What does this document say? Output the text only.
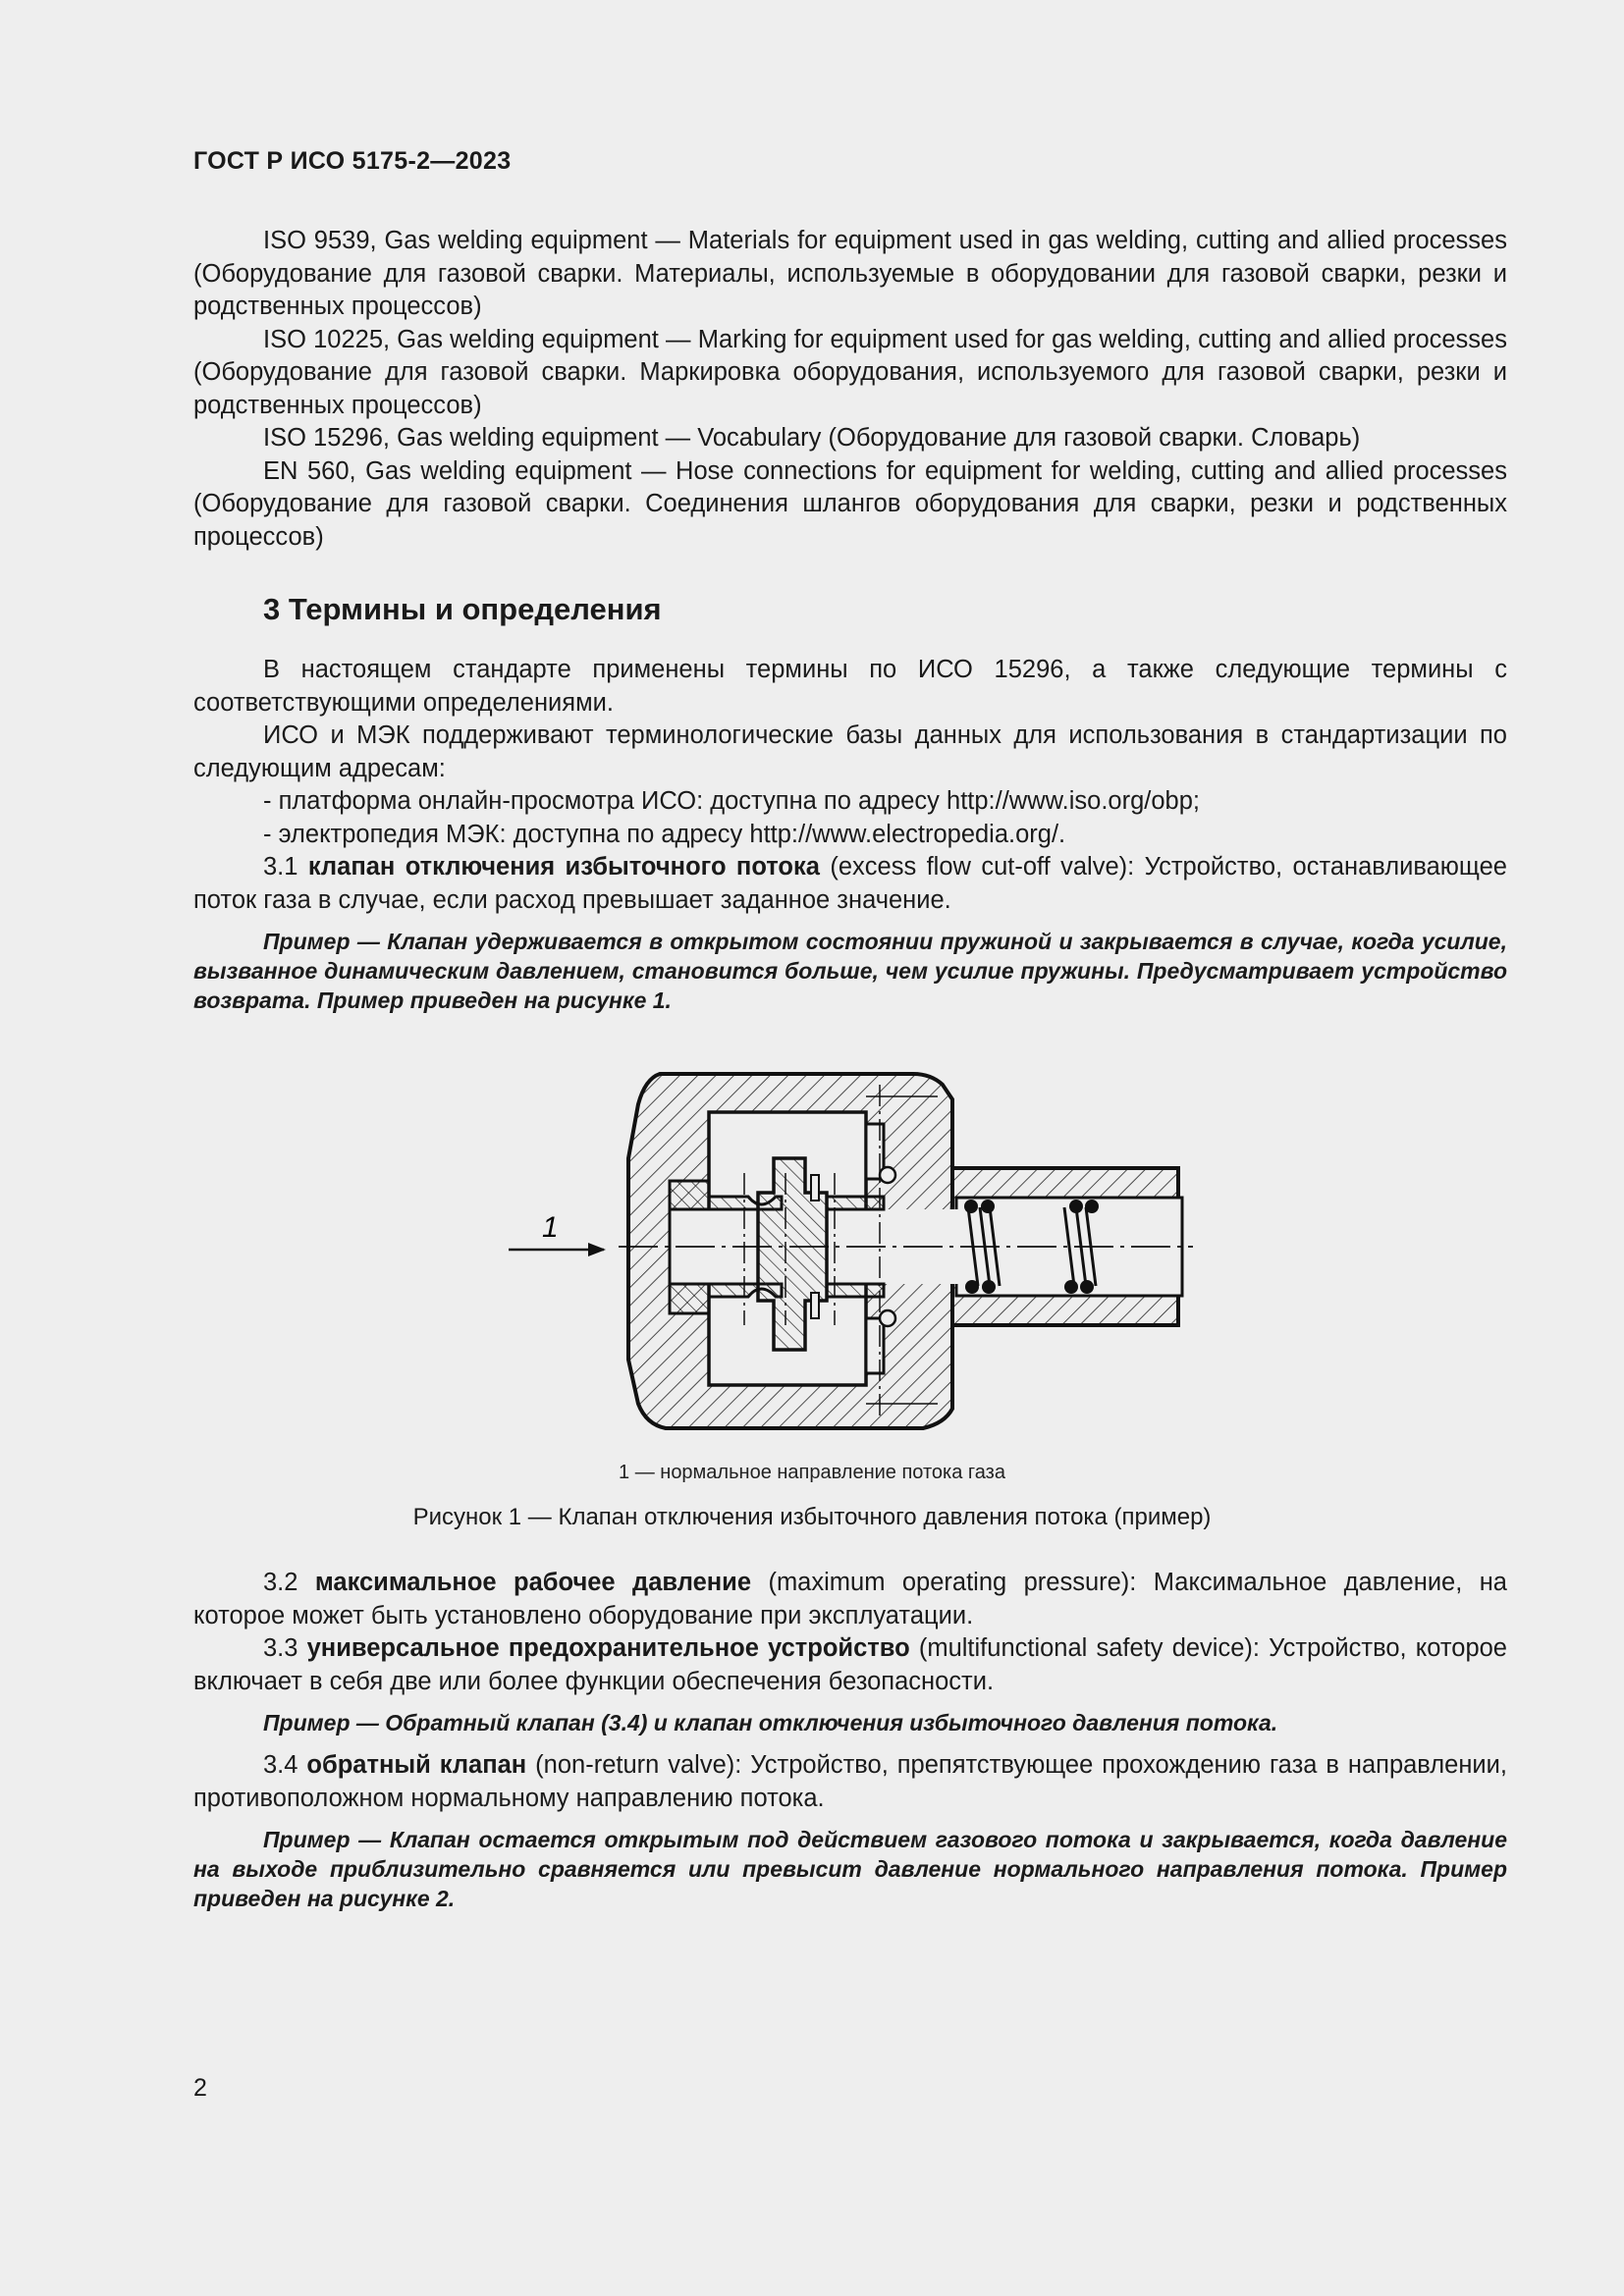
ГОСТ Р ИСО 5175-2—2023

ISO 9539, Gas welding equipment — Materials for equipment used in gas welding, cutting and allied processes (Оборудование для газовой сварки. Материалы, используемые в оборудовании для газовой сварки, резки и родственных процессов)

ISO 10225, Gas welding equipment — Marking for equipment used for gas welding, cutting and allied processes (Оборудование для газовой сварки. Маркировка оборудования, используемого для газовой сварки, резки и родственных процессов)

ISO 15296, Gas welding equipment — Vocabulary (Оборудование для газовой сварки. Словарь)

EN 560, Gas welding equipment — Hose connections for equipment for welding, cutting and allied processes (Оборудование для газовой сварки. Соединения шлангов оборудования для сварки, резки и родственных процессов)

3 Термины и определения

В настоящем стандарте применены термины по ИСО 15296, а также следующие термины с соответствующими определениями.

ИСО и МЭК поддерживают терминологические базы данных для использования в стандартизации по следующим адресам:

- платформа онлайн-просмотра ИСО: доступна по адресу http://www.iso.org/obp;

- электропедия МЭК: доступна по адресу http://www.electropedia.org/.

3.1 клапан отключения избыточного потока (excess flow cut-off valve): Устройство, останавливающее поток газа в случае, если расход превышает заданное значение.

Пример — Клапан удерживается в открытом состоянии пружиной и закрывается в случае, когда усилие, вызванное динамическим давлением, становится больше, чем усилие пружины. Предусматривает устройство возврата. Пример приведен на рисунке 1.

1
1 — нормальное направление потока газа
Рисунок 1 — Клапан отключения избыточного давления потока (пример)

3.2 максимальное рабочее давление (maximum operating pressure): Максимальное давление, на которое может быть установлено оборудование при эксплуатации.

3.3 универсальное предохранительное устройство (multifunctional safety device): Устройство, которое включает в себя две или более функции обеспечения безопасности.

Пример — Обратный клапан (3.4) и клапан отключения избыточного давления потока.

3.4 обратный клапан (non-return valve): Устройство, препятствующее прохождению газа в направлении, противоположном нормальному направлению потока.

Пример — Клапан остается открытым под действием газового потока и закрывается, когда давление на выходе приблизительно сравняется или превысит давление нормального направления потока. Пример приведен на рисунке 2.

2
